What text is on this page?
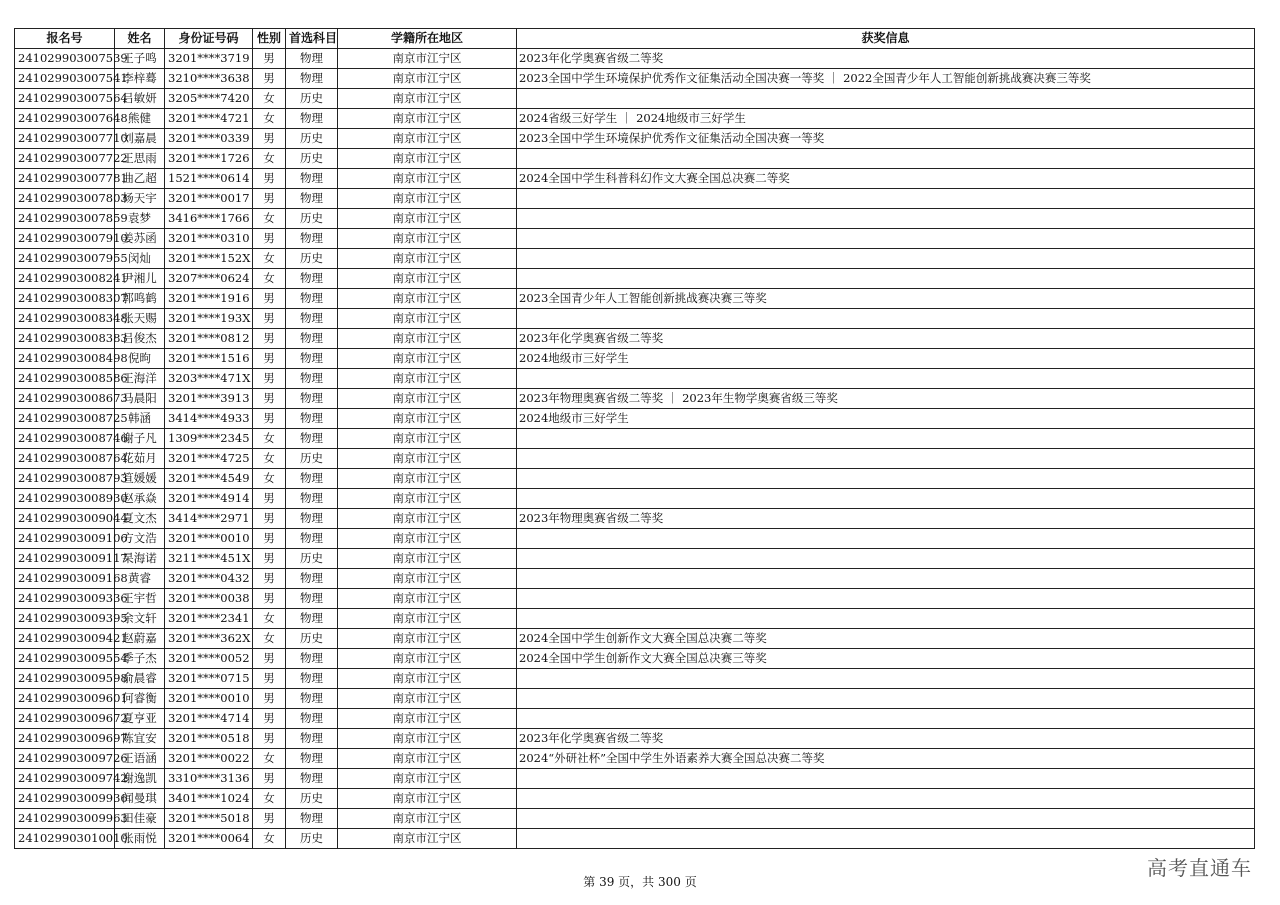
报名号	姓名	身份证号码	性别	首选科目	学籍所在地区	获奖信息
241029903007539	王子鸣	3201****3719	男	物理	南京市江宁区	2023年化学奥赛省级二等奖
241029903007541	李梓蓦	3210****3638	男	物理	南京市江宁区	2023全国中学生环境保护优秀作文征集活动全国决赛一等奖 ｜ 2022全国青少年人工智能创新挑战赛决赛三等奖
241029903007564	吕敏妍	3205****7420	女	历史	南京市江宁区	
241029903007648	熊健	3201****4721	女	物理	南京市江宁区	2024省级三好学生 ｜ 2024地级市三好学生
241029903007710	刘嘉晨	3201****0339	男	历史	南京市江宁区	2023全国中学生环境保护优秀作文征集活动全国决赛一等奖
241029903007722	王思雨	3201****1726	女	历史	南京市江宁区	
241029903007781	曲乙超	1521****0614	男	物理	南京市江宁区	2024全国中学生科普科幻作文大赛全国总决赛二等奖
241029903007803	杨天宇	3201****0017	男	物理	南京市江宁区	
241029903007859	袁梦	3416****1766	女	历史	南京市江宁区	
241029903007910	姜苏函	3201****0310	男	物理	南京市江宁区	
241029903007955	闵灿	3201****152X	女	历史	南京市江宁区	
241029903008241	尹湘儿	3207****0624	女	物理	南京市江宁区	
241029903008307	郭鸣鹤	3201****1916	男	物理	南京市江宁区	2023全国青少年人工智能创新挑战赛决赛三等奖
241029903008348	张天赐	3201****193X	男	物理	南京市江宁区	
241029903008383	吕俊杰	3201****0812	男	物理	南京市江宁区	2023年化学奥赛省级二等奖
241029903008498	倪昫	3201****1516	男	物理	南京市江宁区	2024地级市三好学生
241029903008586	王海洋	3203****471X	男	物理	南京市江宁区	
241029903008673	马晨阳	3201****3913	男	物理	南京市江宁区	2023年物理奥赛省级二等奖 ｜ 2023年生物学奥赛省级三等奖
241029903008725	韩涵	3414****4933	男	物理	南京市江宁区	2024地级市三好学生
241029903008746	谢子凡	1309****2345	女	物理	南京市江宁区	
241029903008764	花茹月	3201****4725	女	历史	南京市江宁区	
241029903008793	笪媛媛	3201****4549	女	物理	南京市江宁区	
241029903008930	赵承焱	3201****4914	男	物理	南京市江宁区	
241029903009044	夏文杰	3414****2971	男	物理	南京市江宁区	2023年物理奥赛省级二等奖
241029903009106	方文浩	3201****0010	男	物理	南京市江宁区	
241029903009117	杲海诺	3211****451X	男	历史	南京市江宁区	
241029903009168	黄睿	3201****0432	男	物理	南京市江宁区	
241029903009336	王宇哲	3201****0038	男	物理	南京市江宁区	
241029903009395	余文轩	3201****2341	女	物理	南京市江宁区	
241029903009421	赵蔚嘉	3201****362X	女	历史	南京市江宁区	2024全国中学生创新作文大赛全国总决赛二等奖
241029903009554	季子杰	3201****0052	男	物理	南京市江宁区	2024全国中学生创新作文大赛全国总决赛三等奖
241029903009598	俞晨睿	3201****0715	男	物理	南京市江宁区	
241029903009601	何睿衡	3201****0010	男	物理	南京市江宁区	
241029903009672	夏亨亚	3201****4714	男	物理	南京市江宁区	
241029903009697	陈宜安	3201****0518	男	物理	南京市江宁区	2023年化学奥赛省级二等奖
241029903009726	王语涵	3201****0022	女	物理	南京市江宁区	2024“外研社杯”全国中学生外语素养大赛全国总决赛二等奖
241029903009742	谢逸凯	3310****3136	男	物理	南京市江宁区	
241029903009936	闻曼琪	3401****1024	女	历史	南京市江宁区	
241029903009963	田佳豪	3201****5018	男	物理	南京市江宁区	
241029903010010	张雨悦	3201****0064	女	历史	南京市江宁区	
第 39 页，共 300 页
高考直通车
